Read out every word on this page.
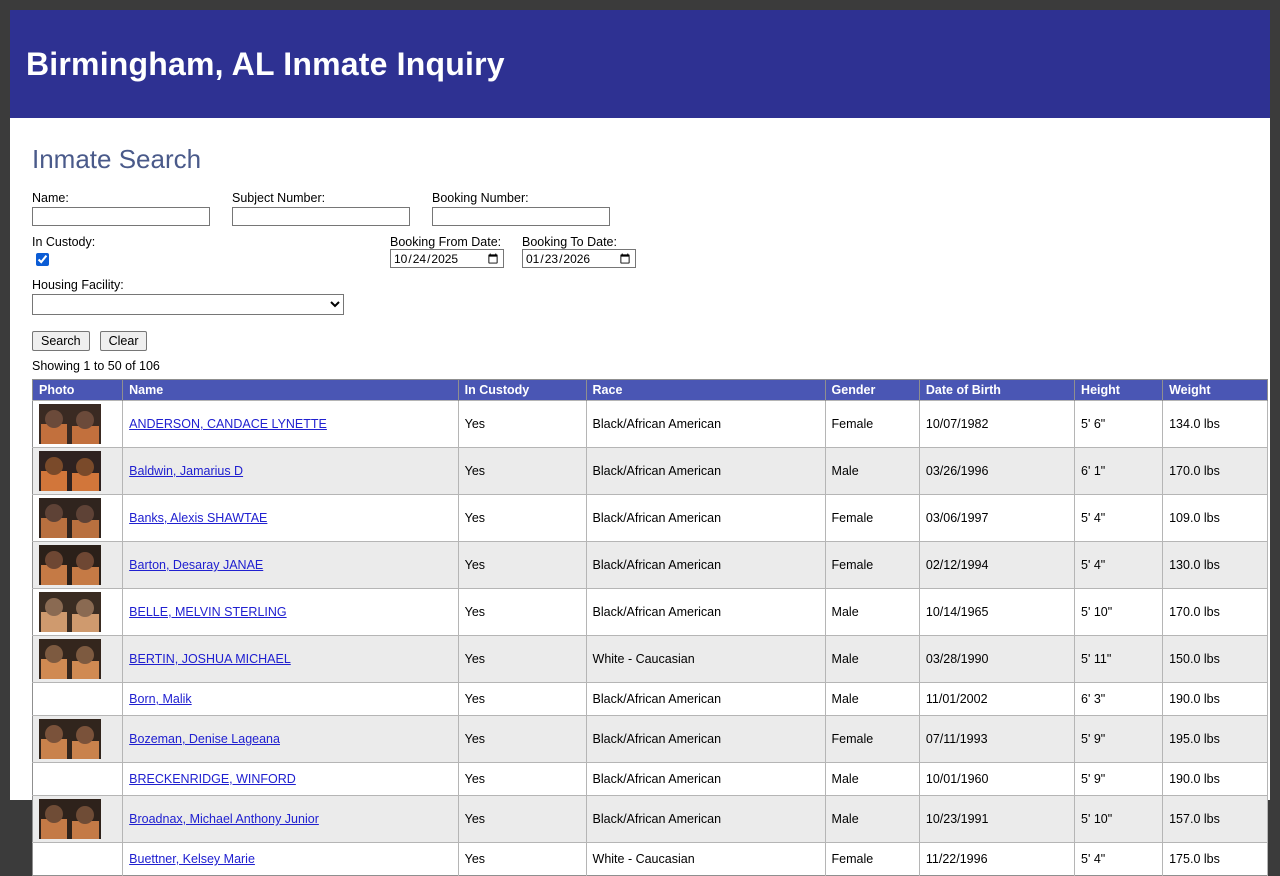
Birmingham, AL Inmate Inquiry
Inmate Search
Name:	Subject Number:	Booking Number:
In Custody:	Booking From Date:
2025-10-24 Booking To Date:
2026-01-23
Housing Facility:

Search	Clear
Showing 1 to 50 of 106
Photo	Name	In Custody	Race	Gender	Date of Birth	Height	Weight

	ANDERSON, CANDACE LYNETTE	Yes	Black/African American	Female	10/07/1982	5' 6"	134.0 lbs

	Baldwin, Jamarius D	Yes	Black/African American	Male	03/26/1996	6' 1"	170.0 lbs

	Banks, Alexis SHAWTAE	Yes	Black/African American	Female	03/06/1997	5' 4"	109.0 lbs

	Barton, Desaray JANAE	Yes	Black/African American	Female	02/12/1994	5' 4"	130.0 lbs

	BELLE, MELVIN STERLING	Yes	Black/African American	Male	10/14/1965	5' 10"	170.0 lbs

	BERTIN, JOSHUA MICHAEL	Yes	White - Caucasian	Male	03/28/1990	5' 11"	150.0 lbs
	Born, Malik	Yes	Black/African American	Male	11/01/2002	6' 3"	190.0 lbs

	Bozeman, Denise Lageana	Yes	Black/African American	Female	07/11/1993	5' 9"	195.0 lbs
	BRECKENRIDGE, WINFORD	Yes	Black/African American	Male	10/01/1960	5' 9"	190.0 lbs

	Broadnax, Michael Anthony Junior	Yes	Black/African American	Male	10/23/1991	5' 10"	157.0 lbs
	Buettner, Kelsey Marie	Yes	White - Caucasian	Female	11/22/1996	5' 4"	175.0 lbs
